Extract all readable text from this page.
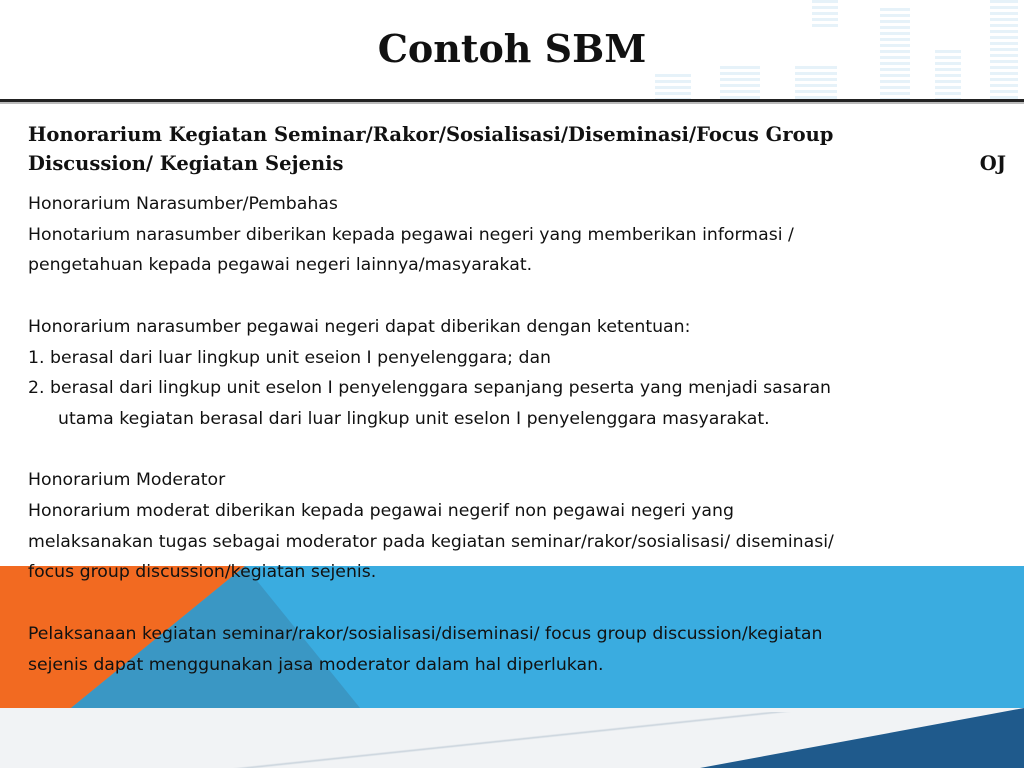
Contoh SBM
Honorarium Kegiatan Seminar/Rakor/Sosialisasi/Diseminasi/Focus Group
Discussion/ Kegiatan Sejenis	OJ

Honorarium Narasumber/Pembahas

Honotarium narasumber diberikan kepada pegawai negeri yang memberikan informasi /

pengetahuan kepada pegawai negeri lainnya/masyarakat.

Honorarium narasumber pegawai negeri dapat diberikan dengan ketentuan:

1. berasal dari luar lingkup unit eseion I penyelenggara; dan

2. berasal dari lingkup unit eselon I penyelenggara sepanjang peserta yang menjadi sasaran

utama kegiatan berasal dari luar lingkup unit eselon I penyelenggara masyarakat.

Honorarium Moderator

Honorarium moderat diberikan kepada pegawai negerif non pegawai negeri yang

melaksanakan tugas sebagai moderator pada kegiatan seminar/rakor/sosialisasi/ diseminasi/

focus group discussion/kegiatan sejenis.

Pelaksanaan kegiatan seminar/rakor/sosialisasi/diseminasi/ focus group discussion/kegiatan

sejenis dapat menggunakan jasa moderator dalam hal diperlukan.
